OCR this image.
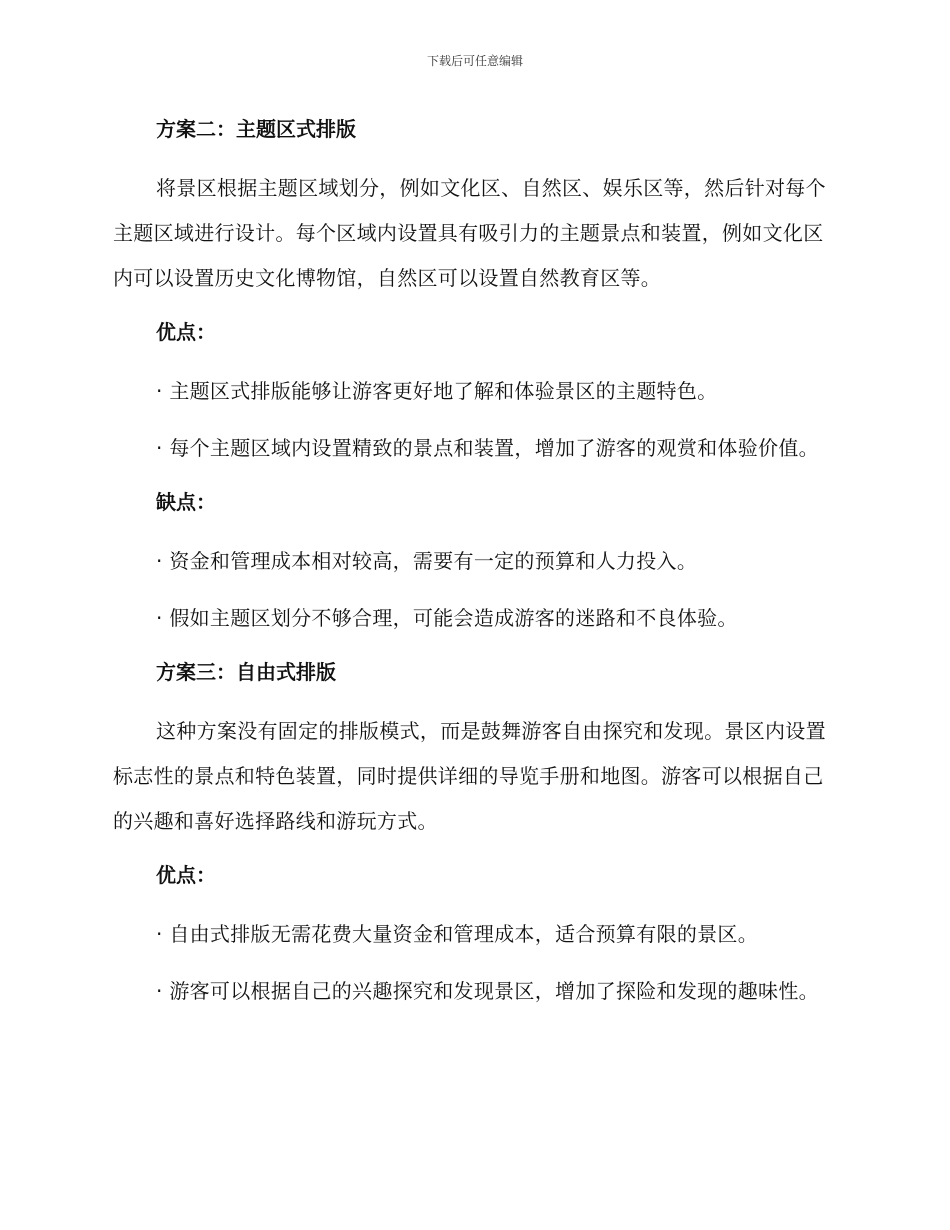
下载后可任意编辑

方案二：主题区式排版

将景区根据主题区域划分，例如文化区、自然区、娱乐区等，然后针对每个主题区域进行设计。每个区域内设置具有吸引力的主题景点和装置，例如文化区内可以设置历史文化博物馆，自然区可以设置自然教育区等。

优点：

· 主题区式排版能够让游客更好地了解和体验景区的主题特色。

· 每个主题区域内设置精致的景点和装置，增加了游客的观赏和体验价值。

缺点：

· 资金和管理成本相对较高，需要有一定的预算和人力投入。

· 假如主题区划分不够合理，可能会造成游客的迷路和不良体验。

方案三：自由式排版

这种方案没有固定的排版模式，而是鼓舞游客自由探究和发现。景区内设置标志性的景点和特色装置，同时提供详细的导览手册和地图。游客可以根据自己的兴趣和喜好选择路线和游玩方式。

优点：

· 自由式排版无需花费大量资金和管理成本，适合预算有限的景区。

· 游客可以根据自己的兴趣探究和发现景区，增加了探险和发现的趣味性。
